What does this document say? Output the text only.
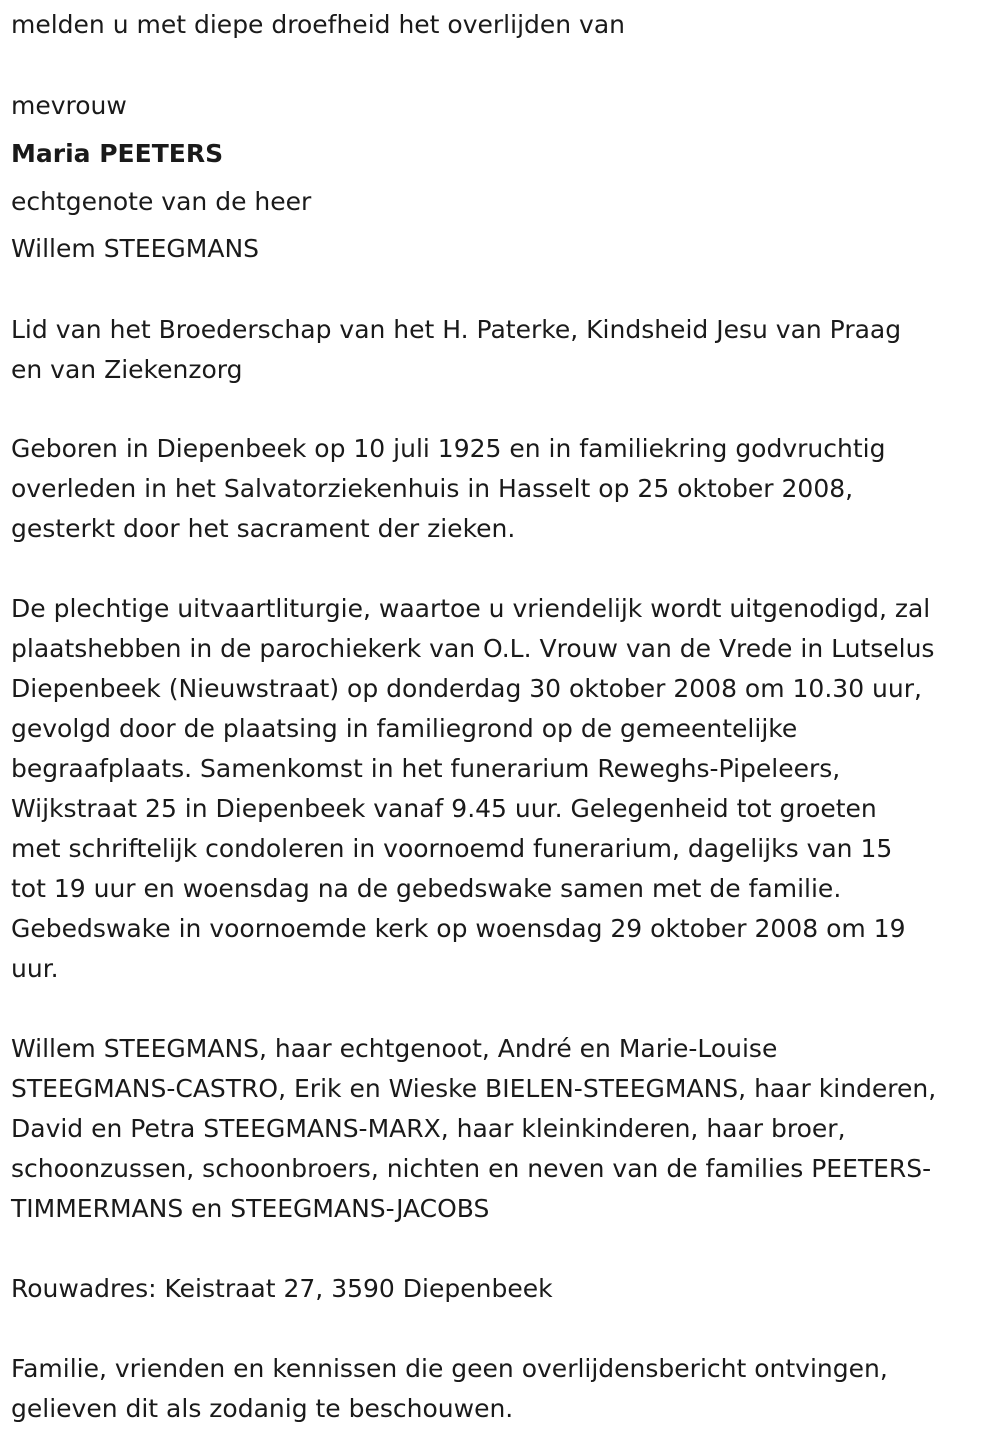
melden u met diepe droefheid het overlijden van
mevrouw
Maria PEETERS
echtgenote van de heer
Willem STEEGMANS
Lid van het Broederschap van het H. Paterke, Kindsheid Jesu van Praag
en van Ziekenzorg
Geboren in Diepenbeek op 10 juli 1925 en in familiekring godvruchtig
overleden in het Salvatorziekenhuis in Hasselt op 25 oktober 2008,
gesterkt door het sacrament der zieken.
De plechtige uitvaartliturgie, waartoe u vriendelijk wordt uitgenodigd, zal
plaatshebben in de parochiekerk van O.L. Vrouw van de Vrede in Lutselus
Diepenbeek (Nieuwstraat) op donderdag 30 oktober 2008 om 10.30 uur,
gevolgd door de plaatsing in familiegrond op de gemeentelijke
begraafplaats. Samenkomst in het funerarium Reweghs-Pipeleers,
Wijkstraat 25 in Diepenbeek vanaf 9.45 uur. Gelegenheid tot groeten
met schriftelijk condoleren in voornoemd funerarium, dagelijks van 15
tot 19 uur en woensdag na de gebedswake samen met de familie.
Gebedswake in voornoemde kerk op woensdag 29 oktober 2008 om 19
uur.
Willem STEEGMANS, haar echtgenoot, André en Marie-Louise
STEEGMANS-CASTRO, Erik en Wieske BIELEN-STEEGMANS, haar kinderen,
David en Petra STEEGMANS-MARX, haar kleinkinderen, haar broer,
schoonzussen, schoonbroers, nichten en neven van de families PEETERS-
TIMMERMANS en STEEGMANS-JACOBS
Rouwadres: Keistraat 27, 3590 Diepenbeek
Familie, vrienden en kennissen die geen overlijdensbericht ontvingen,
gelieven dit als zodanig te beschouwen.
